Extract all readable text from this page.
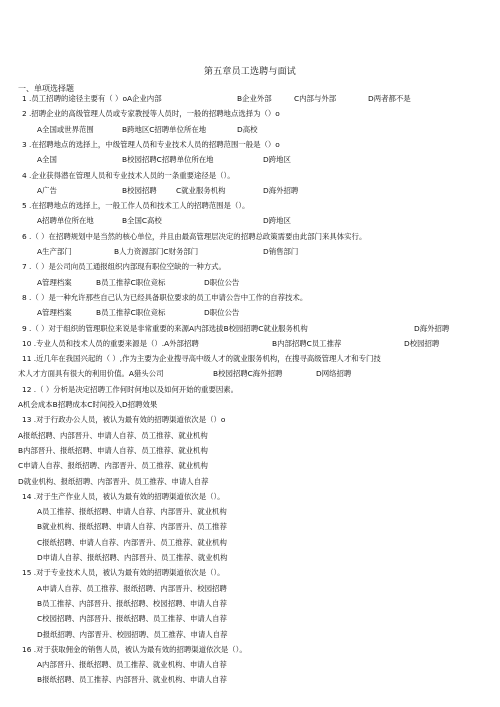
第五章员工选聘与面试
一、单项选择题
1 .员工招聘的途径主要有（ ）oA企业内部	B企业外部	C内部与外部	D两者都不是
2 .招聘企业的高级管理人员或专家教授等人员时，一般的招聘地点选择为（）o
A全国或世界范围	B跨地区C招聘单位所在地	D高校
3 .在招聘地点的选择上，中级管理人员和专业技术人员的招聘范围一般是（）o
A全国	B校园招聘C招聘单位所在地	D跨地区
4 .企业获得潜在管理人员和专业技术人员的一条重要途径是（）。
A广告	B校园招聘	C就业服务机构	D海外招聘
5 .在招聘地点的选择上，一般工作人员和技术工人的招聘范围是（）。
A招聘单位所在地	B全国C高校	D跨地区
6 .（ ）在招聘规划中是当然的核心单位，并且由最高管理层决定的招聘总政策需要由此部门来具体实行。
A生产部门	B人力资源部门C财务部门	D销售部门
7 .（ ）是公司向员工通报组织内部现有职位空缺的一种方式。
A管理档案	B员工推荐C职位竞标	D职位公告
8 .（ ）是一种允许那些自己认为已经具备职位要求的员工申请公告中工作的自荐技术。
A管理档案	B员工推荐C职位竞标	D职位公告
9 .（ ）对于组织的管理职位来说是非常重要的来源A内部选拔B校园招聘C就业服务机构	D海外招聘
10 .专业人员和技术人员的重要来源是（）.A外部招聘	B内部招聘C员工推荐	D校园招聘
11 .近几年在我国兴起的（ ）,作为主要为企业搜寻高中级人才的就业服务机构，在搜寻高级管理人才和专门技
术人才方面具有很大的利用价值。A猎头公司	B校园招聘C海外招聘	D网络招聘
12 .（ ）分析是决定招聘工作何时何地以及如何开始的重要因素。
A机会成本B招聘成本C时间投入D招聘效果
13 .对于行政办公人员，被认为最有效的招聘渠道依次是（）o
A报纸招聘、内部晋升、申请人自荐、员工推荐、就业机构
B内部晋升、报纸招聘、申请人自荐、员工推荐、就业机构
C申请人自荐、报纸招聘、内部晋升、员工推荐、就业机构
D就业机构、报纸招聘、内部晋升、员工推荐、申请人自荐
14 .对于生产作业人员，被认为最有效的招聘渠道依次是（）。
A员工推荐、报纸招聘、申请人自荐、内部晋升、就业机构
B就业机构、报纸招聘、申请人自荐、内部晋升、员工推荐
C报纸招聘、申请人自荐、内部晋升、员工推荐、就业机构
D申请人自荐、报纸招聘、内部晋升、员工推荐、就业机构
15 .对于专业技术人员，被认为最有效的招聘渠道依次是（）。
A申请人自荐、员工推荐、报纸招聘、内部晋升、校园招聘
B员工推荐、内部晋升、报纸招聘、校园招聘、申请人自荐
C校园招聘、内部晋升、报纸招聘、员工推荐、申请人自荐
D报纸招聘、内部晋升、校园招聘、员工推荐、申请人自荐
16 .对于获取佣金的销售人员，被认为最有效的招聘渠道依次是（）。
A内部晋升、报纸招聘、员工推荐、就业机构、申请人自荐
B报纸招聘、员工推荐、内部晋升、就业机构、申请人自荐
